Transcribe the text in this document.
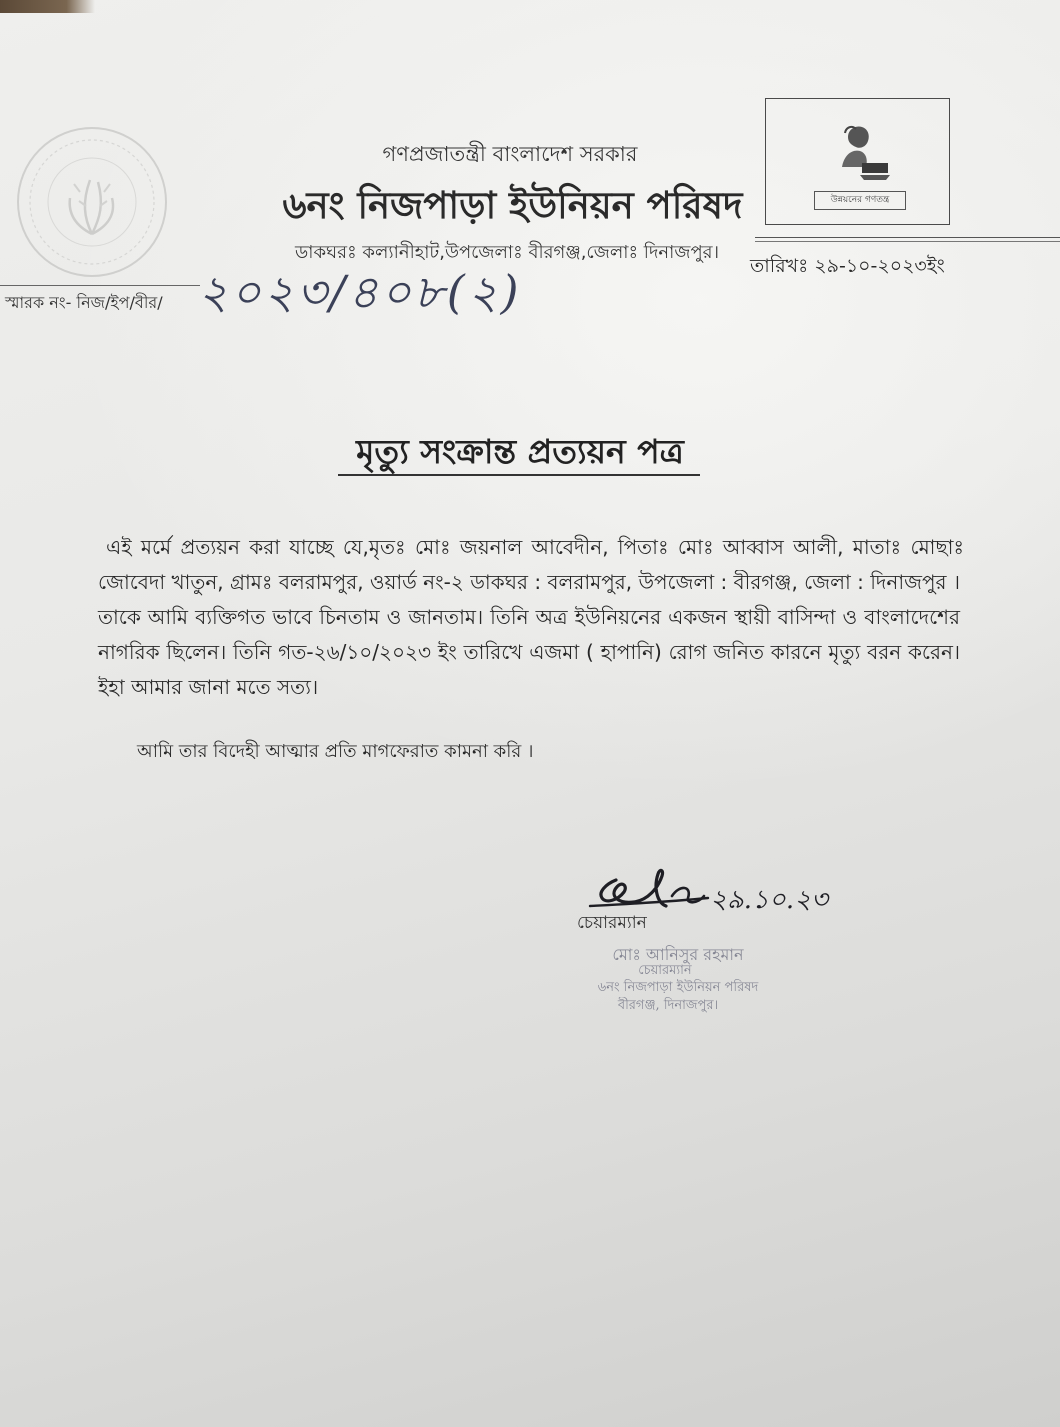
গণপ্রজাতন্ত্রী বাংলাদেশ সরকার
৬নং নিজপাড়া ইউনিয়ন পরিষদ
ডাকঘরঃ কল্যানীহাট,উপজেলাঃ বীরগঞ্জ,জেলাঃ দিনাজপুর।
উন্নয়নের গণতন্ত্র
তারিখঃ ২৯-১০-২০২৩ইং
স্মারক নং- নিজ/ইপ/বীর/ ২০২৩/৪০৮(২)
মৃত্যু সংক্রান্ত প্রত্যয়ন পত্র
এই মর্মে প্রত্যয়ন করা যাচ্ছে যে,মৃতঃ মোঃ জয়নাল আবেদীন, পিতাঃ মোঃ আব্বাস আলী, মাতাঃ মোছাঃ
জোবেদা খাতুন, গ্রামঃ বলরামপুর, ওয়ার্ড নং-২ ডাকঘর : বলরামপুর, উপজেলা : বীরগঞ্জ, জেলা : দিনাজপুর ।
তাকে আমি ব্যক্তিগত ভাবে চিনতাম ও জানতাম। তিনি অত্র ইউনিয়নের একজন স্থায়ী বাসিন্দা ও বাংলাদেশের
নাগরিক ছিলেন। তিনি গত-২৬/১০/২০২৩ ইং তারিখে এজমা ( হাপানি) রোগ জনিত কারনে মৃত্যু বরন করেন।
ইহা আমার জানা মতে সত্য।
আমি তার বিদেহী আত্মার প্রতি মাগফেরাত কামনা করি ।
২৯.১০.২৩
চেয়ারম্যান
মোঃ আনিসুর রহমান
চেয়ারম্যান
৬নং নিজপাড়া ইউনিয়ন পরিষদ
বীরগঞ্জ, দিনাজপুর।
